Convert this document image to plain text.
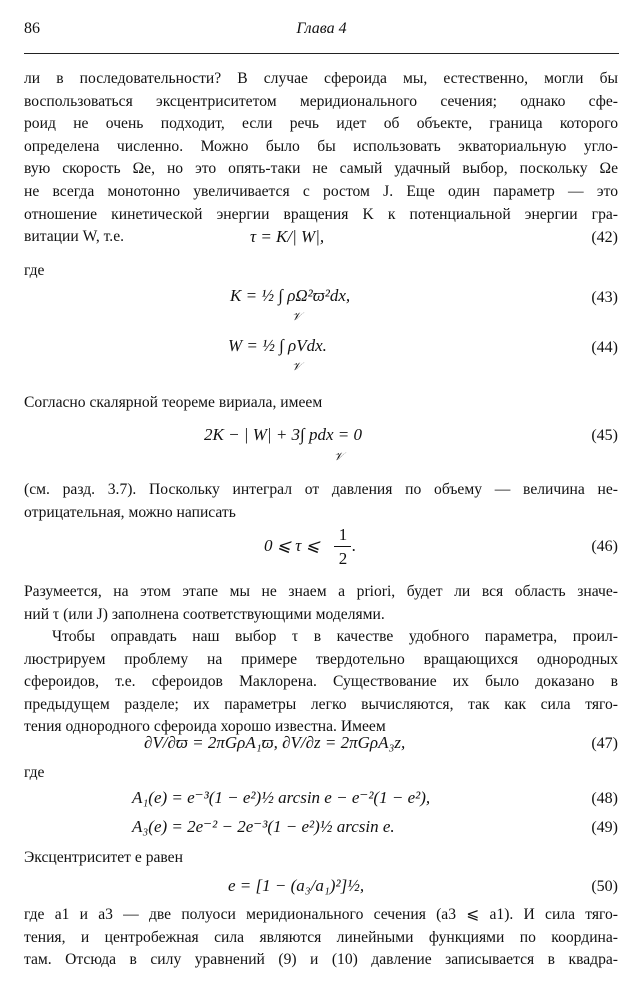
86	Глава 4
ли в последовательности? В случае сфероида мы, естественно, могли бы
воспользоваться эксцентриситетом меридионального сечения; однако сфе-
роид не очень подходит, если речь идет об объекте, граница которого
определена численно. Можно было бы использовать экваториальную угло-
вую скорость Ωe, но это опять-таки не самый удачный выбор, поскольку Ωe
не всегда монотонно увеличивается с ростом J. Еще один параметр — это
отношение кинетической энергии вращения K к потенциальной энергии гра-
витации W, т.е.	τ = K/| W|,	(42)
где
K = ½ ∫ ρΩ²ϖ²dx,
𝒱
(43)
W = ½ ∫ ρVdx.
𝒱
(44)
Согласно скалярной теореме вириала, имеем
2K − | W| + 3∫ pdx = 0
𝒱
(45)
(см. разд. 3.7). Поскольку интеграл от давления по объему — величина не-
отрицательная, можно написать
0 ⩽ τ ⩽
1
2
.	(46)
Разумеется, на этом этапе мы не знаем a priori, будет ли вся область значе-
ний τ (или J) заполнена соответствующими моделями.
Чтобы оправдать наш выбор τ в качестве удобного параметра, проил-
люстрируем проблему на примере твердотельно вращающихся однородных
сфероидов, т.е. сфероидов Маклорена. Существование их было доказано в
предыдущем разделе; их параметры легко вычисляются, так как сила тяго-
тения однородного сфероида хорошо известна. Имеем
∂V/∂ϖ = 2πGρA₁ϖ, ∂V/∂z = 2πGρA₃z,	(47)
где
A₁(e) = e⁻³(1 − e²)½ arcsin e − e⁻²(1 − e²),	(48)
A₃(e) = 2e⁻² − 2e⁻³(1 − e²)½ arcsin e.	(49)
Эксцентриситет e равен
e = [1 − (a₃/a₁)²]½,	(50)
где a1 и a3 — две полуоси меридионального сечения (a3 ⩽ a1). И сила тяго-
тения, и центробежная сила являются линейными функциями по координа-
там. Отсюда в силу уравнений (9) и (10) давление записывается в квадра-
